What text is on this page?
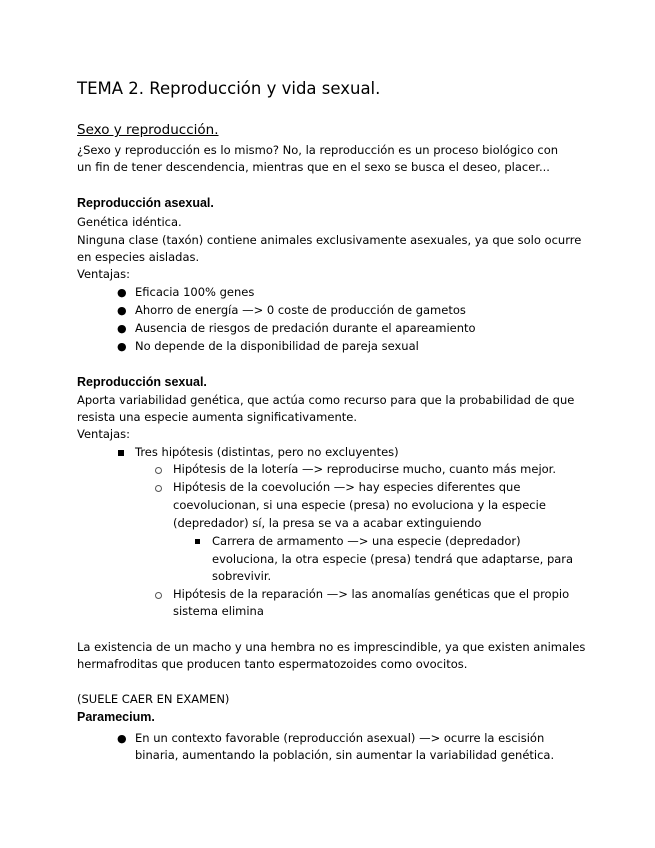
TEMA 2. Reproducción y vida sexual.
Sexo y reproducción.
¿Sexo y reproducción es lo mismo? No, la reproducción es un proceso biológico con
un fin de tener descendencia, mientras que en el sexo se busca el deseo, placer...
Reproducción asexual.
Genética idéntica.
Ninguna clase (taxón) contiene animales exclusivamente asexuales, ya que solo ocurre
en especies aisladas.
Ventajas:
● Eficacia 100% genes
● Ahorro de energía —> 0 coste de producción de gametos
● Ausencia de riesgos de predación durante el apareamiento
● No depende de la disponibilidad de pareja sexual
Reproducción sexual.
Aporta variabilidad genética, que actúa como recurso para que la probabilidad de que
resista una especie aumenta significativamente.
Ventajas:
Tres hipótesis (distintas, pero no excluyentes)
Hipótesis de la lotería —> reproducirse mucho, cuanto más mejor.
Hipótesis de la coevolución —> hay especies diferentes que
coevolucionan, si una especie (presa) no evoluciona y la especie
(depredador) sí, la presa se va a acabar extinguiendo
Carrera de armamento —> una especie (depredador)
evoluciona, la otra especie (presa) tendrá que adaptarse, para
sobrevivir.
Hipótesis de la reparación —> las anomalías genéticas que el propio
sistema elimina
La existencia de un macho y una hembra no es imprescindible, ya que existen animales
hermafroditas que producen tanto espermatozoides como ovocitos.
(SUELE CAER EN EXAMEN)
Paramecium.
● En un contexto favorable (reproducción asexual) —> ocurre la escisión
binaria, aumentando la población, sin aumentar la variabilidad genética.
